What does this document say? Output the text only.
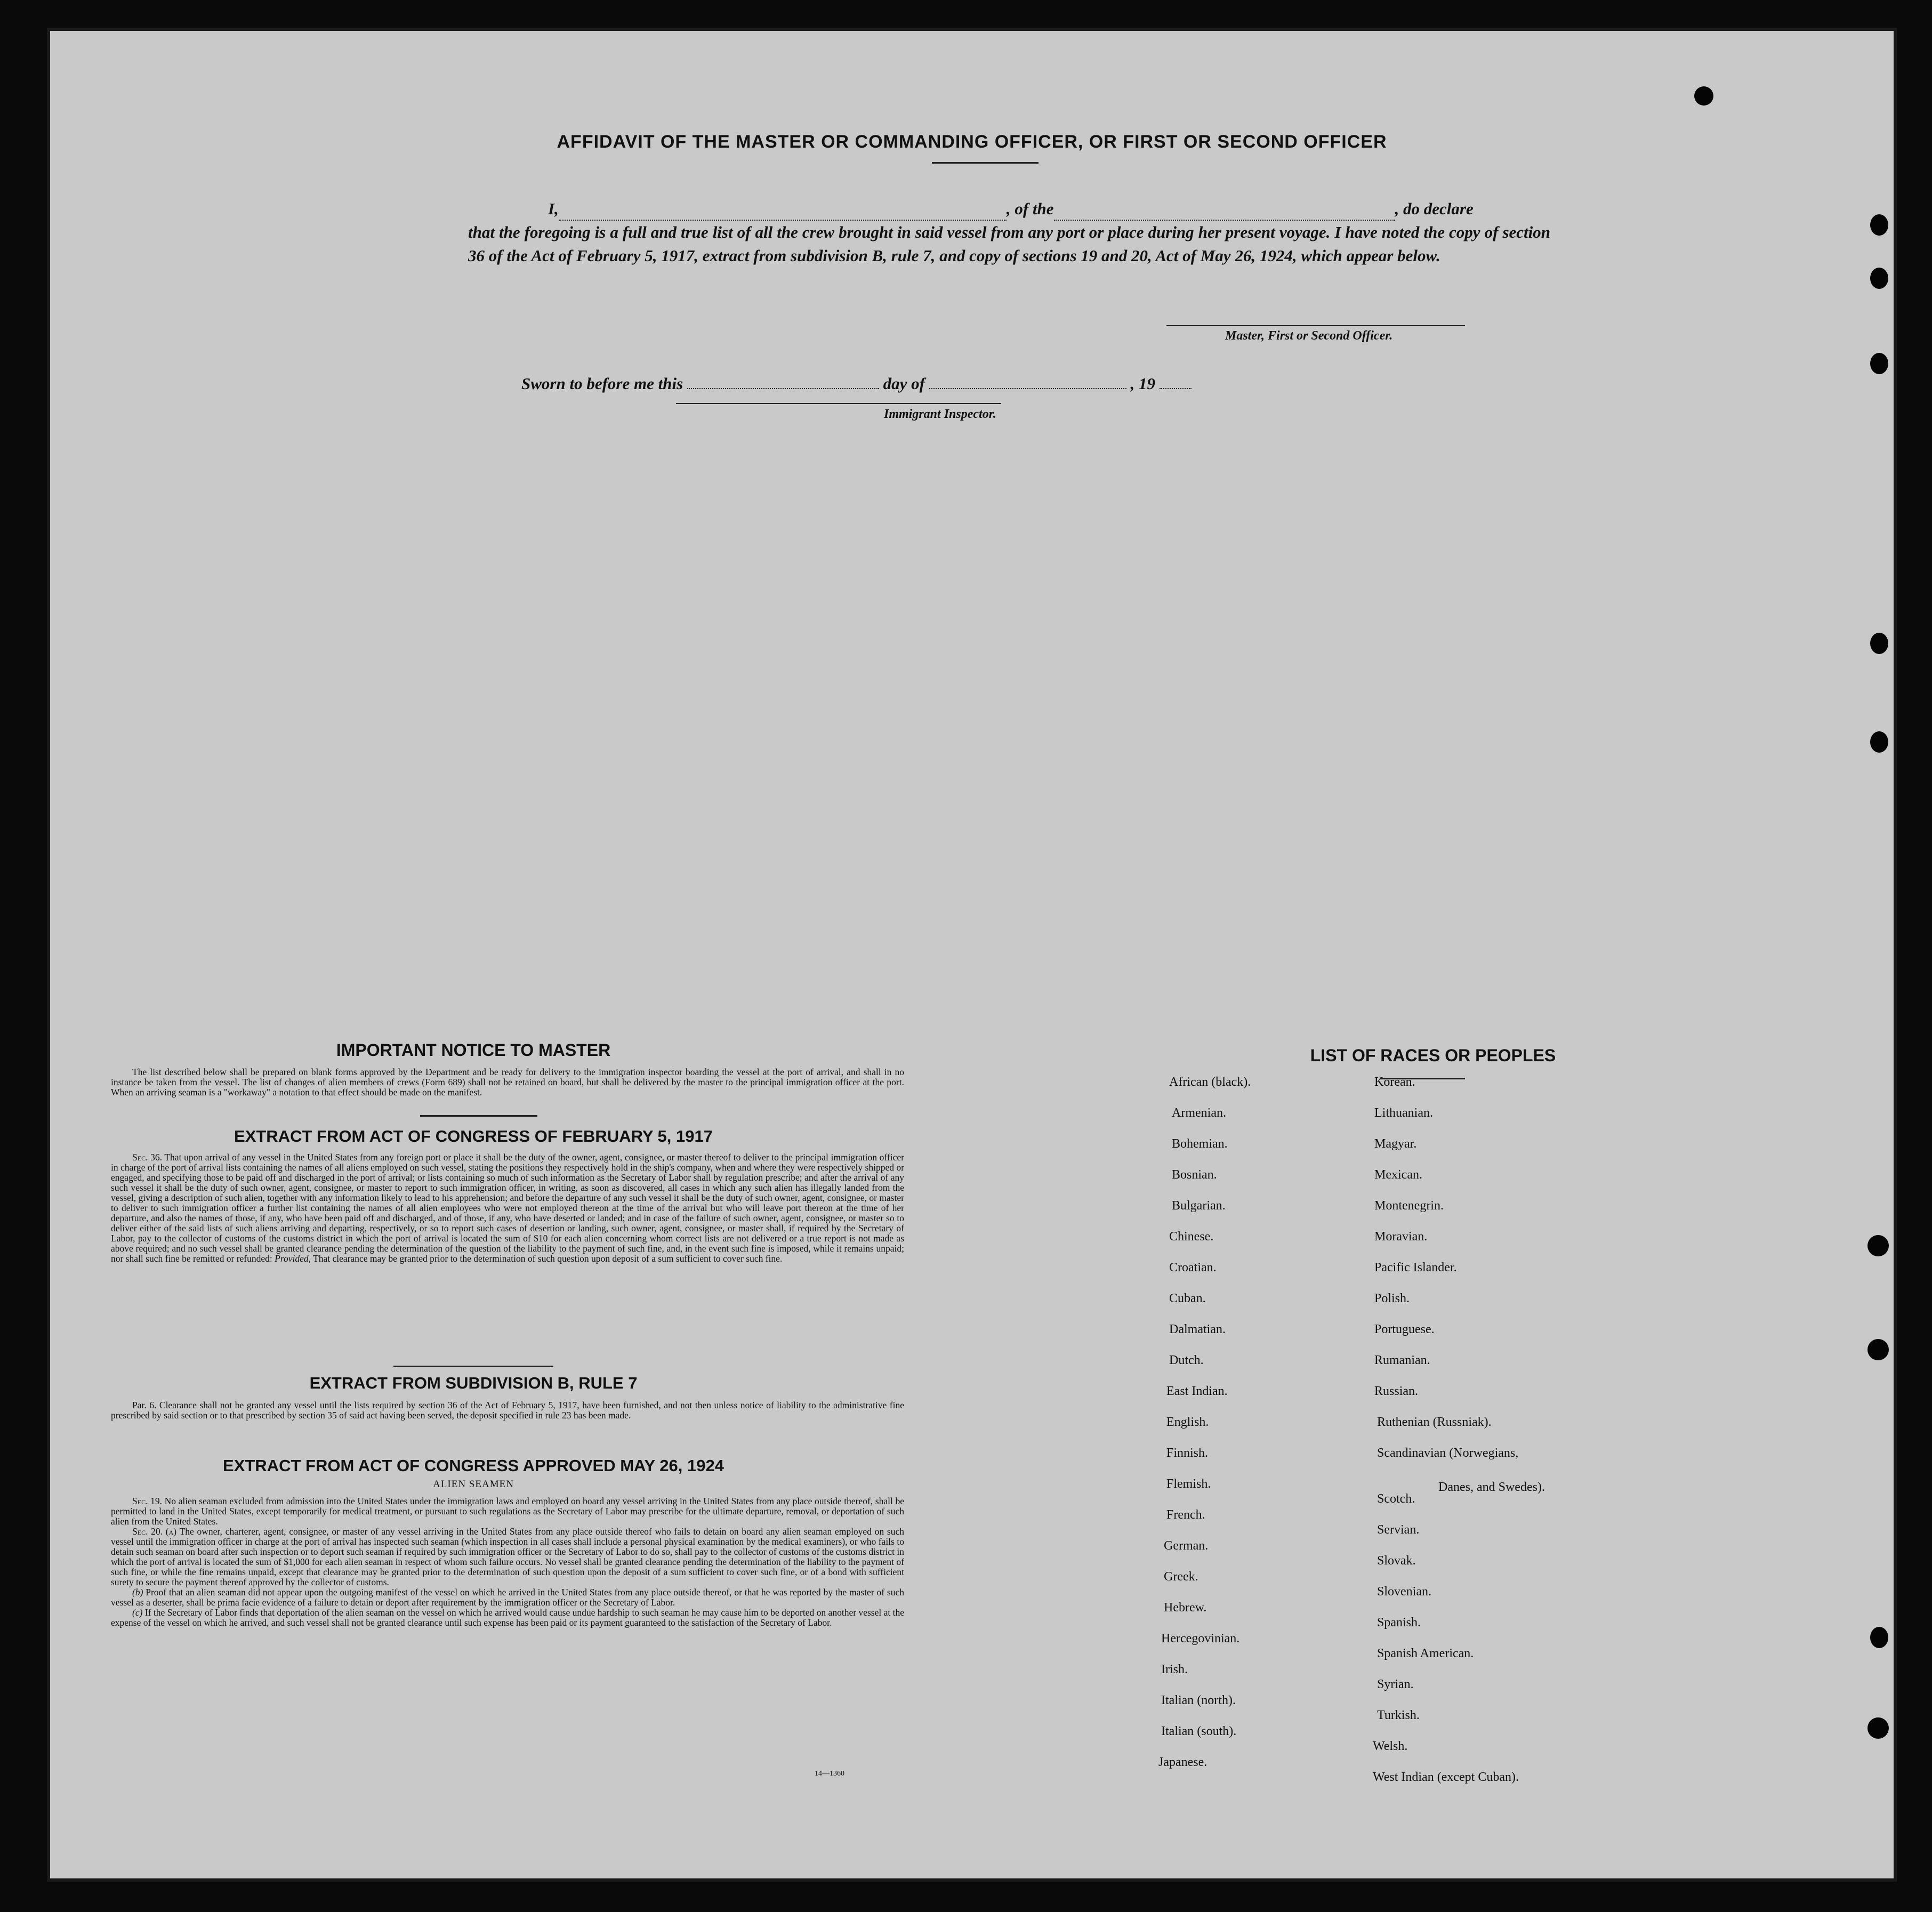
AFFIDAVIT OF THE MASTER OR COMMANDING OFFICER, OR FIRST OR SECOND OFFICER
I,	, of the	, do declare
that the foregoing is a full and true list of all the crew brought in said vessel from any port or place during her present voyage. I have noted the copy of section 36 of the Act of February 5, 1917, extract from subdivision B, rule 7, and copy of sections 19 and 20, Act of May 26, 1924, which appear below.
Master, First or Second Officer.
Sworn to before me this	day of	, 19
Immigrant Inspector.
IMPORTANT NOTICE TO MASTER
The list described below shall be prepared on blank forms approved by the Department and be ready for delivery to the immigration inspector boarding the vessel at the port of arrival, and shall in no instance be taken from the vessel. The list of changes of alien members of crews (Form 689) shall not be retained on board, but shall be delivered by the master to the principal immigration officer at the port. When an arriving seaman is a "workaway" a notation to that effect should be made on the manifest.
EXTRACT FROM ACT OF CONGRESS OF FEBRUARY 5, 1917
Sec. 36. That upon arrival of any vessel in the United States from any foreign port or place it shall be the duty of the owner, agent, consignee, or master thereof to deliver to the principal immigration officer in charge of the port of arrival lists containing the names of all aliens employed on such vessel, stating the positions they respectively hold in the ship's company, when and where they were respectively shipped or engaged, and specifying those to be paid off and discharged in the port of arrival; or lists containing so much of such information as the Secretary of Labor shall by regulation prescribe; and after the arrival of any such vessel it shall be the duty of such owner, agent, consignee, or master to report to such immigration officer, in writing, as soon as discovered, all cases in which any such alien has illegally landed from the vessel, giving a description of such alien, together with any information likely to lead to his apprehension; and before the departure of any such vessel it shall be the duty of such owner, agent, consignee, or master to deliver to such immigration officer a further list containing the names of all alien employees who were not employed thereon at the time of the arrival but who will leave port thereon at the time of her departure, and also the names of those, if any, who have been paid off and discharged, and of those, if any, who have deserted or landed; and in case of the failure of such owner, agent, consignee, or master so to deliver either of the said lists of such aliens arriving and departing, respectively, or so to report such cases of desertion or landing, such owner, agent, consignee, or master shall, if required by the Secretary of Labor, pay to the collector of customs of the customs district in which the port of arrival is located the sum of $10 for each alien concerning whom correct lists are not delivered or a true report is not made as above required; and no such vessel shall be granted clearance pending the determination of the question of the liability to the payment of such fine, and, in the event such fine is imposed, while it remains unpaid; nor shall such fine be remitted or refunded: Provided, That clearance may be granted prior to the determination of such question upon deposit of a sum sufficient to cover such fine.
EXTRACT FROM SUBDIVISION B, RULE 7
Par. 6. Clearance shall not be granted any vessel until the lists required by section 36 of the Act of February 5, 1917, have been furnished, and not then unless notice of liability to the administrative fine prescribed by said section or to that prescribed by section 35 of said act having been served, the deposit specified in rule 23 has been made.
EXTRACT FROM ACT OF CONGRESS APPROVED MAY 26, 1924
ALIEN SEAMEN

Sec. 19. No alien seaman excluded from admission into the United States under the immigration laws and employed on board any vessel arriving in the United States from any place outside thereof, shall be permitted to land in the United States, except temporarily for medical treatment, or pursuant to such regulations as the Secretary of Labor may prescribe for the ultimate departure, removal, or deportation of such alien from the United States.

Sec. 20. (a) The owner, charterer, agent, consignee, or master of any vessel arriving in the United States from any place outside thereof who fails to detain on board any alien seaman employed on such vessel until the immigration officer in charge at the port of arrival has inspected such seaman (which inspection in all cases shall include a personal physical examination by the medical examiners), or who fails to detain such seaman on board after such inspection or to deport such seaman if required by such immigration officer or the Secretary of Labor to do so, shall pay to the collector of customs of the customs district in which the port of arrival is located the sum of $1,000 for each alien seaman in respect of whom such failure occurs. No vessel shall be granted clearance pending the determination of the liability to the payment of such fine, or while the fine remains unpaid, except that clearance may be granted prior to the determination of such question upon the deposit of a sum sufficient to cover such fine, or of a bond with sufficient surety to secure the payment thereof approved by the collector of customs.

(b) Proof that an alien seaman did not appear upon the outgoing manifest of the vessel on which he arrived in the United States from any place outside thereof, or that he was reported by the master of such vessel as a deserter, shall be prima facie evidence of a failure to detain or deport after requirement by the immigration officer or the Secretary of Labor.

(c) If the Secretary of Labor finds that deportation of the alien seaman on the vessel on which he arrived would cause undue hardship to such seaman he may cause him to be deported on another vessel at the expense of the vessel on which he arrived, and such vessel shall not be granted clearance until such expense has been paid or its payment guaranteed to the satisfaction of the Secretary of Labor.

14—1360
LIST OF RACES OR PEOPLES
Danes, and Swedes).
African (black).
Armenian.
Bohemian.
Bosnian.
Bulgarian.
Chinese.
Croatian.
Cuban.
Dalmatian.
Dutch.
East Indian.
English.
Finnish.
Flemish.
French.
German.
Greek.
Hebrew.
Hercegovinian.
Irish.
Italian (north).
Italian (south).
Japanese.
Korean.
Lithuanian.
Magyar.
Mexican.
Montenegrin.
Moravian.
Pacific Islander.
Polish.
Portuguese.
Rumanian.
Russian.
Ruthenian (Russniak).
Scandinavian (Norwegians,
Scotch.
Servian.
Slovak.
Slovenian.
Spanish.
Spanish American.
Syrian.
Turkish.
Welsh.
West Indian (except Cuban).
